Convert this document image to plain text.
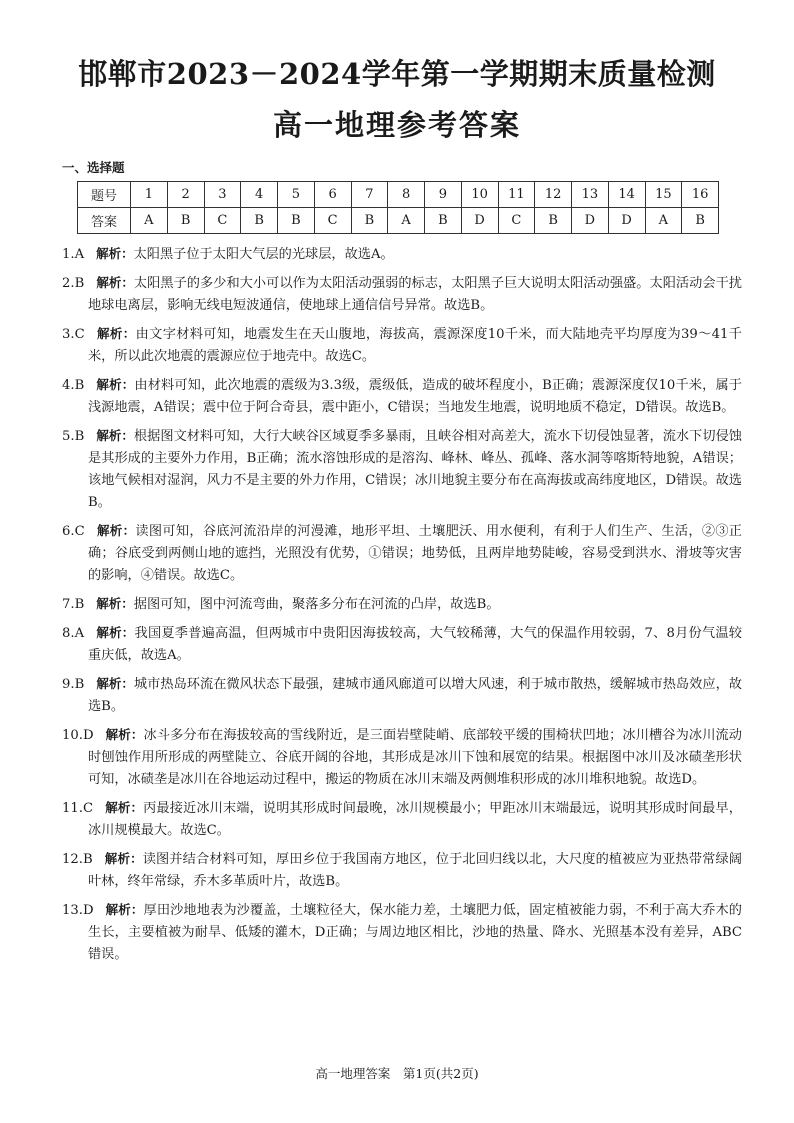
邯郸市2023－2024学年第一学期期末质量检测
高一地理参考答案
一、选择题
题号	1	2	3	4	5	6	7	8	9	10	11	12	13	14	15	16
答案	A	B	C	B	B	C	B	A	B	D	C	B	D	D	A	B

1.A 解析：太阳黑子位于太阳大气层的光球层，故选A。

2.B 解析：太阳黑子的多少和大小可以作为太阳活动强弱的标志，太阳黑子巨大说明太阳活动强盛。太阳活动会干扰地球电离层，影响无线电短波通信，使地球上通信信号异常。故选B。

3.C 解析：由文字材料可知，地震发生在天山腹地，海拔高，震源深度10千米，而大陆地壳平均厚度为39～41千米，所以此次地震的震源应位于地壳中。故选C。

4.B 解析：由材料可知，此次地震的震级为3.3级，震级低，造成的破坏程度小，B正确；震源深度仅10千米，属于浅源地震，A错误；震中位于阿合奇县，震中距小，C错误；当地发生地震，说明地质不稳定，D错误。故选B。

5.B 解析：根据图文材料可知，大行大峡谷区域夏季多暴雨，且峡谷相对高差大，流水下切侵蚀显著，流水下切侵蚀是其形成的主要外力作用，B正确；流水溶蚀形成的是溶沟、峰林、峰丛、孤峰、落水洞等喀斯特地貌，A错误；该地气候相对湿润，风力不是主要的外力作用，C错误；冰川地貌主要分布在高海拔或高纬度地区，D错误。故选B。

6.C 解析：读图可知，谷底河流沿岸的河漫滩，地形平坦、土壤肥沃、用水便利，有利于人们生产、生活，②③正确；谷底受到两侧山地的遮挡，光照没有优势，①错误；地势低，且两岸地势陡峻，容易受到洪水、滑坡等灾害的影响，④错误。故选C。

7.B 解析：据图可知，图中河流弯曲，聚落多分布在河流的凸岸，故选B。

8.A 解析：我国夏季普遍高温，但两城市中贵阳因海拔较高，大气较稀薄，大气的保温作用较弱，7、8月份气温较重庆低，故选A。

9.B 解析：城市热岛环流在微风状态下最强，建城市通风廊道可以增大风速，利于城市散热，缓解城市热岛效应，故选B。

10.D 解析：冰斗多分布在海拔较高的雪线附近，是三面岩壁陡峭、底部较平缓的围椅状凹地；冰川槽谷为冰川流动时刨蚀作用所形成的两壁陡立、谷底开阔的谷地，其形成是冰川下蚀和展宽的结果。根据图中冰川及冰碛垄形状可知，冰碛垄是冰川在谷地运动过程中，搬运的物质在冰川末端及两侧堆积形成的冰川堆积地貌。故选D。

11.C 解析：丙最接近冰川末端，说明其形成时间最晚，冰川规模最小；甲距冰川末端最远，说明其形成时间最早，冰川规模最大。故选C。

12.B 解析：读图并结合材料可知，厚田乡位于我国南方地区，位于北回归线以北，大尺度的植被应为亚热带常绿阔叶林，终年常绿，乔木多革质叶片，故选B。

13.D 解析：厚田沙地地表为沙覆盖，土壤粒径大，保水能力差，土壤肥力低，固定植被能力弱，不利于高大乔木的生长，主要植被为耐旱、低矮的灌木，D正确；与周边地区相比，沙地的热量、降水、光照基本没有差异，ABC错误。

高一地理答案　第1页(共2页)
